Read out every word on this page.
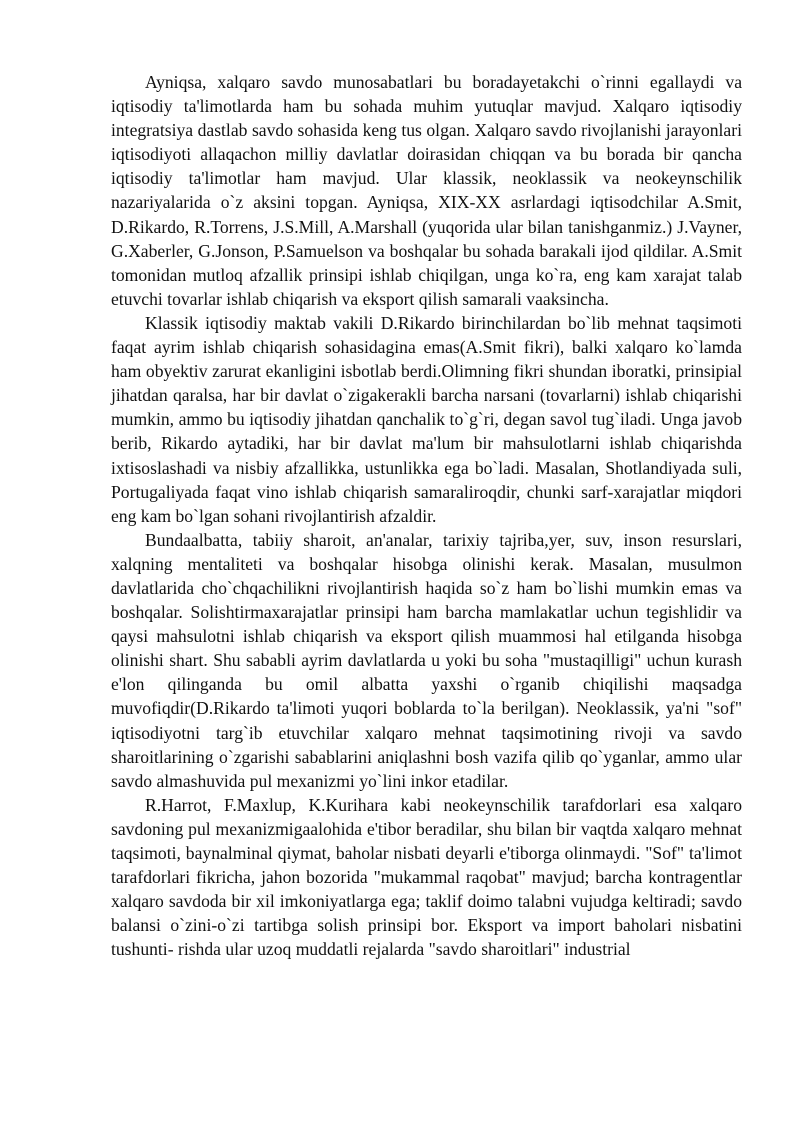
Ayniqsa, xalqaro savdo munosabatlari bu boradayetakchi o`rinni egallaydi va iqtisodiy ta'limotlarda ham bu sohada muhim yutuqlar mavjud. Xalqaro iqtisodiy integratsiya dastlab savdo sohasida keng tus olgan. Xalqaro savdo rivojlanishi jarayonlari iqtisodiyoti allaqachon milliy davlatlar doirasidan chiqqan va bu borada bir qancha iqtisodiy ta'limotlar ham mavjud. Ular klassik, neoklassik va neokeynschilik nazariyalarida o`z aksini topgan. Ayniqsa, XIX-XX asrlardagi iqtisodchilar A.Smit, D.Rikardo, R.Torrens, J.S.Mill, A.Marshall (yuqorida ular bilan tanishganmiz.) J.Vayner, G.Xaberler, G.Jonson, P.Samuelson va boshqalar bu sohada barakali ijod qildilar. A.Smit tomonidan mutloq afzallik prinsipi ishlab chiqilgan, unga ko`ra, eng kam xarajat talab etuvchi tovarlar ishlab chiqarish va eksport qilish samarali vaaksincha.

Klassik iqtisodiy maktab vakili D.Rikardo birinchilardan bo`lib mehnat taqsimoti faqat ayrim ishlab chiqarish sohasidagina emas(A.Smit fikri), balki xalqaro ko`lamda ham obyektiv zarurat ekanligini isbotlab berdi.Olimning fikri shundan iboratki, prinsipial jihatdan qaralsa, har bir davlat o`zigakerakli barcha narsani (tovarlarni) ishlab chiqarishi mumkin, ammo bu iqtisodiy jihatdan qanchalik to`g`ri, degan savol tug`iladi. Unga javob berib, Rikardo aytadiki, har bir davlat ma'lum bir mahsulotlarni ishlab chiqarishda ixtisoslashadi va nisbiy afzallikka, ustunlikka ega bo`ladi. Masalan, Shotlandiyada suli, Portugaliyada faqat vino ishlab chiqarish samaraliroqdir, chunki sarf-xarajatlar miqdori eng kam bo`lgan sohani rivojlantirish afzaldir.

Bundaalbatta, tabiiy sharoit, an'analar, tarixiy tajriba,yer, suv, inson resurslari, xalqning mentaliteti va boshqalar hisobga olinishi kerak. Masalan, musulmon davlatlarida cho`chqachilikni rivojlantirish haqida so`z ham bo`lishi mumkin emas va boshqalar. Solishtirmaxarajatlar prinsipi ham barcha mamlakatlar uchun tegishlidir va qaysi mahsulotni ishlab chiqarish va eksport qilish muammosi hal etilganda hisobga olinishi shart. Shu sababli ayrim davlatlarda u yoki bu soha "mustaqilligi" uchun kurash e'lon qilinganda bu omil albatta yaxshi o`rganib chiqilishi maqsadga muvofiqdir(D.Rikardo ta'limoti yuqori boblarda to`la berilgan). Neoklassik, ya'ni "sof" iqtisodiyotni targ`ib etuvchilar xalqaro mehnat taqsimotining rivoji va savdo sharoitlarining o`zgarishi sabablarini aniqlashni bosh vazifa qilib qo`yganlar, ammo ular savdo almashuvida pul mexanizmi yo`lini inkor etadilar.

R.Harrot, F.Maxlup, K.Kurihara kabi neokeynschilik tarafdorlari esa xalqaro savdoning pul mexanizmigaalohida e'tibor beradilar, shu bilan bir vaqtda xalqaro mehnat taqsimoti, baynalminal qiymat, baholar nisbati deyarli e'tiborga olinmaydi. "Sof" ta'limot tarafdorlari fikricha, jahon bozorida "mukammal raqobat" mavjud; barcha kontragentlar xalqaro savdoda bir xil imkoniyatlarga ega; taklif doimo talabni vujudga keltiradi; savdo balansi o`zini-o`zi tartibga solish prinsipi bor. Eksport va import baholari nisbatini tushunti- rishda ular uzoq muddatli rejalarda "savdo sharoitlari" industrial
